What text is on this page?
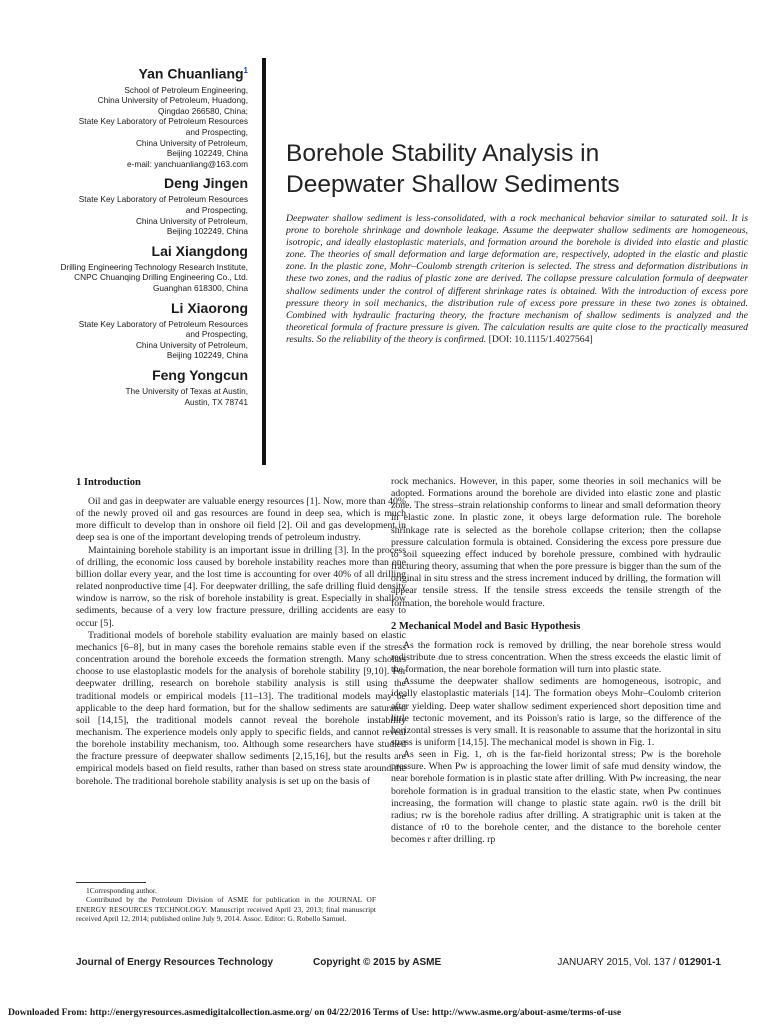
Yan Chuanliang$^1$
School of Petroleum Engineering,
China University of Petroleum, Huadong,
Qingdao 266580, China;
State Key Laboratory of Petroleum Resources
and Prospecting,
China University of Petroleum,
Beijing 102249, China
e-mail: yanchuanliang@163.com
Deng Jingen
State Key Laboratory of Petroleum Resources
and Prospecting,
China University of Petroleum,
Beijing 102249, China
Lai Xiangdong
Drilling Engineering Technology Research Institute,
CNPC Chuanqing Drilling Engineering Co., Ltd.
Guanghan 618300, China
Li Xiaorong
State Key Laboratory of Petroleum Resources
and Prospecting,
China University of Petroleum,
Beijing 102249, China
Feng Yongcun
The University of Texas at Austin,
Austin, TX 78741
Borehole Stability Analysis in
Deepwater Shallow Sediments
Deepwater shallow sediment is less-consolidated, with a rock mechanical behavior similar to saturated soil. It is prone to borehole shrinkage and downhole leakage. Assume the deepwater shallow sediments are homogeneous, isotropic, and ideally elastoplastic materials, and formation around the borehole is divided into elastic and plastic zone. The theories of small deformation and large deformation are, respectively, adopted in the elastic and plastic zone. In the plastic zone, Mohr–Coulomb strength criterion is selected. The stress and deformation distributions in these two zones, and the radius of plastic zone are derived. The collapse pressure calculation formula of deepwater shallow sediments under the control of different shrinkage rates is obtained. With the introduction of excess pore pressure theory in soil mechanics, the distribution rule of excess pore pressure in these two zones is obtained. Combined with hydraulic fracturing theory, the fracture mechanism of shallow sediments is analyzed and the theoretical formula of fracture pressure is given. The calculation results are quite close to the practically measured results. So the reliability of the theory is confirmed. [DOI: 10.1115/1.4027564]
1 Introduction

Oil and gas in deepwater are valuable energy resources [1]. Now, more than 40% of the newly proved oil and gas resources are found in deep sea, which is much more difficult to develop than in onshore oil field [2]. Oil and gas development in deep sea is one of the important developing trends of petroleum industry.

Maintaining borehole stability is an important issue in drilling [3]. In the process of drilling, the economic loss caused by borehole instability reaches more than one billion dollar every year, and the lost time is accounting for over 40% of all drilling related nonproductive time [4]. For deepwater drilling, the safe drilling fluid density window is narrow, so the risk of borehole instability is great. Especially in shallow sediments, because of a very low fracture pressure, drilling accidents are easy to occur [5].

Traditional models of borehole stability evaluation are mainly based on elastic mechanics [6–8], but in many cases the borehole remains stable even if the stress concentration around the borehole exceeds the formation strength. Many scholars choose to use elastoplastic models for the analysis of borehole stability [9,10]. For deepwater drilling, research on borehole stability analysis is still using the traditional models or empirical models [11–13]. The traditional models may be applicable to the deep hard formation, but for the shallow sediments are saturated soil [14,15], the traditional models cannot reveal the borehole instability mechanism. The experience models only apply to specific fields, and cannot reveal the borehole instability mechanism, too. Although some researchers have studied the fracture pressure of deepwater shallow sediments [2,15,16], but the results are empirical models based on field results, rather than based on stress state around the borehole. The traditional borehole stability analysis is set up on the basis of

rock mechanics. However, in this paper, some theories in soil mechanics will be adopted. Formations around the borehole are divided into elastic zone and plastic zone. The stress–strain relationship conforms to linear and small deformation theory in elastic zone. In plastic zone, it obeys large deformation rule. The borehole shrinkage rate is selected as the borehole collapse criterion; then the collapse pressure calculation formula is obtained. Considering the excess pore pressure due to soil squeezing effect induced by borehole pressure, combined with hydraulic fracturing theory, assuming that when the pore pressure is bigger than the sum of the original in situ stress and the stress increment induced by drilling, the formation will appear tensile stress. If the tensile stress exceeds the tensile strength of the formation, the borehole would fracture.

2 Mechanical Model and Basic Hypothesis

As the formation rock is removed by drilling, the near borehole stress would redistribute due to stress concentration. When the stress exceeds the elastic limit of the formation, the near borehole formation will turn into plastic state.

Assume the deepwater shallow sediments are homogeneous, isotropic, and ideally elastoplastic materials [14]. The formation obeys Mohr–Coulomb criterion after yielding. Deep water shallow sediment experienced short deposition time and little tectonic movement, and its Poisson's ratio is large, so the difference of the horizontal stresses is very small. It is reasonable to assume that the horizontal in situ stress is uniform [14,15]. The mechanical model is shown in Fig. 1.

As seen in Fig. 1, σh is the far-field horizontal stress; Pw is the borehole pressure. When Pw is approaching the lower limit of safe mud density window, the near borehole formation is in plastic state after drilling. With Pw increasing, the near borehole formation is in gradual transition to the elastic state, when Pw continues increasing, the formation will change to plastic state again. rw0 is the drill bit radius; rw is the borehole radius after drilling. A stratigraphic unit is taken at the distance of r0 to the borehole center, and the distance to the borehole center becomes r after drilling. rp

1Corresponding author.

Contributed by the Petroleum Division of ASME for publication in the JOURNAL OF ENERGY RESOURCES TECHNOLOGY. Manuscript received April 23, 2013; final manuscript received April 12, 2014; published online July 9, 2014. Assoc. Editor: G. Robello Samuel.

Journal of Energy Resources Technology	Copyright © 2015 by ASME	JANUARY 2015, Vol. 137 / 012901-1
Downloaded From: http://energyresources.asmedigitalcollection.asme.org/ on 04/22/2016 Terms of Use: http://www.asme.org/about-asme/terms-of-use
